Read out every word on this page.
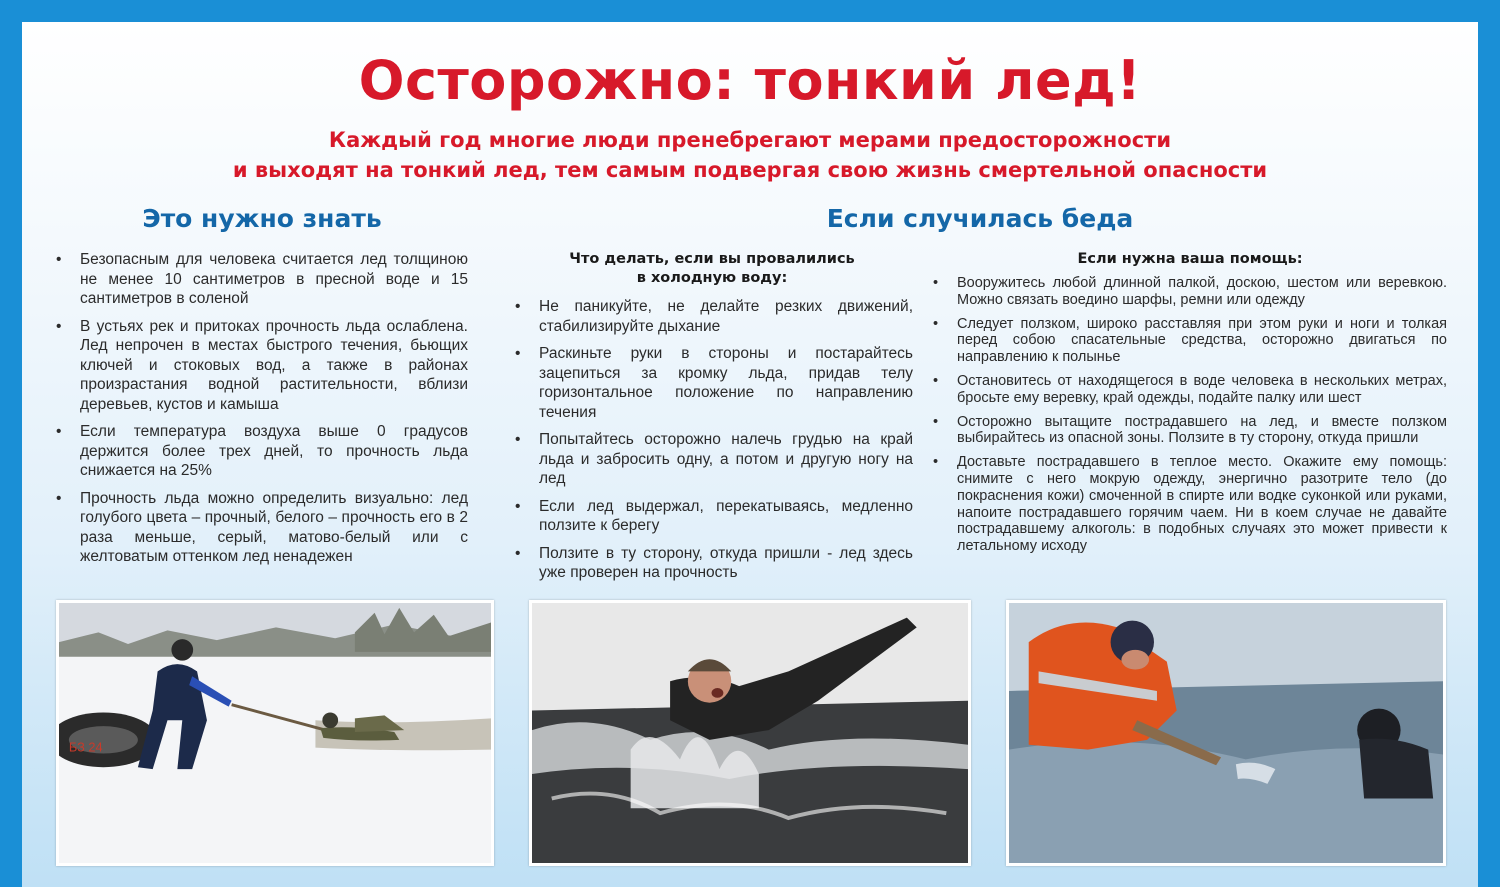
Осторожно: тонкий лед!
Каждый год многие люди пренебрегают мерами предосторожности
и выходят на тонкий лед, тем самым подвергая свою жизнь смертельной опасности
Это нужно знать	Если случилась беда
• Безопасным для человека считается лед толщиною не менее 10 сантиметров в пресной воде и 15 сантиметров в соленой
• В устьях рек и притоках прочность льда ослаблена. Лед непрочен в местах быстрого течения, бьющих ключей и стоковых вод, а также в районах произрастания водной растительности, вблизи деревьев, кустов и камыша
• Если температура воздуха выше 0 градусов держится более трех дней, то прочность льда снижается на 25%
• Прочность льда можно определить визуально: лед голубого цвета – прочный, белого – прочность его в 2 раза меньше, серый, матово-белый или с желтоватым оттенком лед ненадежен
Что делать, если вы провалились
в холодную воду:
• Не паникуйте, не делайте резких движений, стабилизируйте дыхание
• Раскиньте руки в стороны и постарайтесь зацепиться за кромку льда, придав телу горизонтальное положение по направлению течения
• Попытайтесь осторожно налечь грудью на край льда и забросить одну, а потом и другую ногу на лед
• Если лед выдержал, перекатываясь, медленно ползите к берегу
• Ползите в ту сторону, откуда пришли - лед здесь уже проверен на прочность
Если нужна ваша помощь:
• Вооружитесь любой длинной палкой, доскою, шестом или веревкою. Можно связать воедино шарфы, ремни или одежду
• Следует ползком, широко расставляя при этом руки и ноги и толкая перед собою спасательные средства, осторожно двигаться по направлению к полынье
• Остановитесь от находящегося в воде человека в нескольких метрах, бросьте ему веревку, край одежды, подайте палку или шест
• Осторожно вытащите пострадавшего на лед, и вместе ползком выбирайтесь из опасной зоны. Ползите в ту сторону, откуда пришли
• Доставьте пострадавшего в теплое место. Окажите ему помощь: снимите с него мокрую одежду, энергично разотрите тело (до покраснения кожи) смоченной в спирте или водке суконкой или руками, напоите пострадавшего горячим чаем. Ни в коем случае не давайте пострадавшему алкоголь: в подобных случаях это может привести к летальному исходу
БЗ 24
